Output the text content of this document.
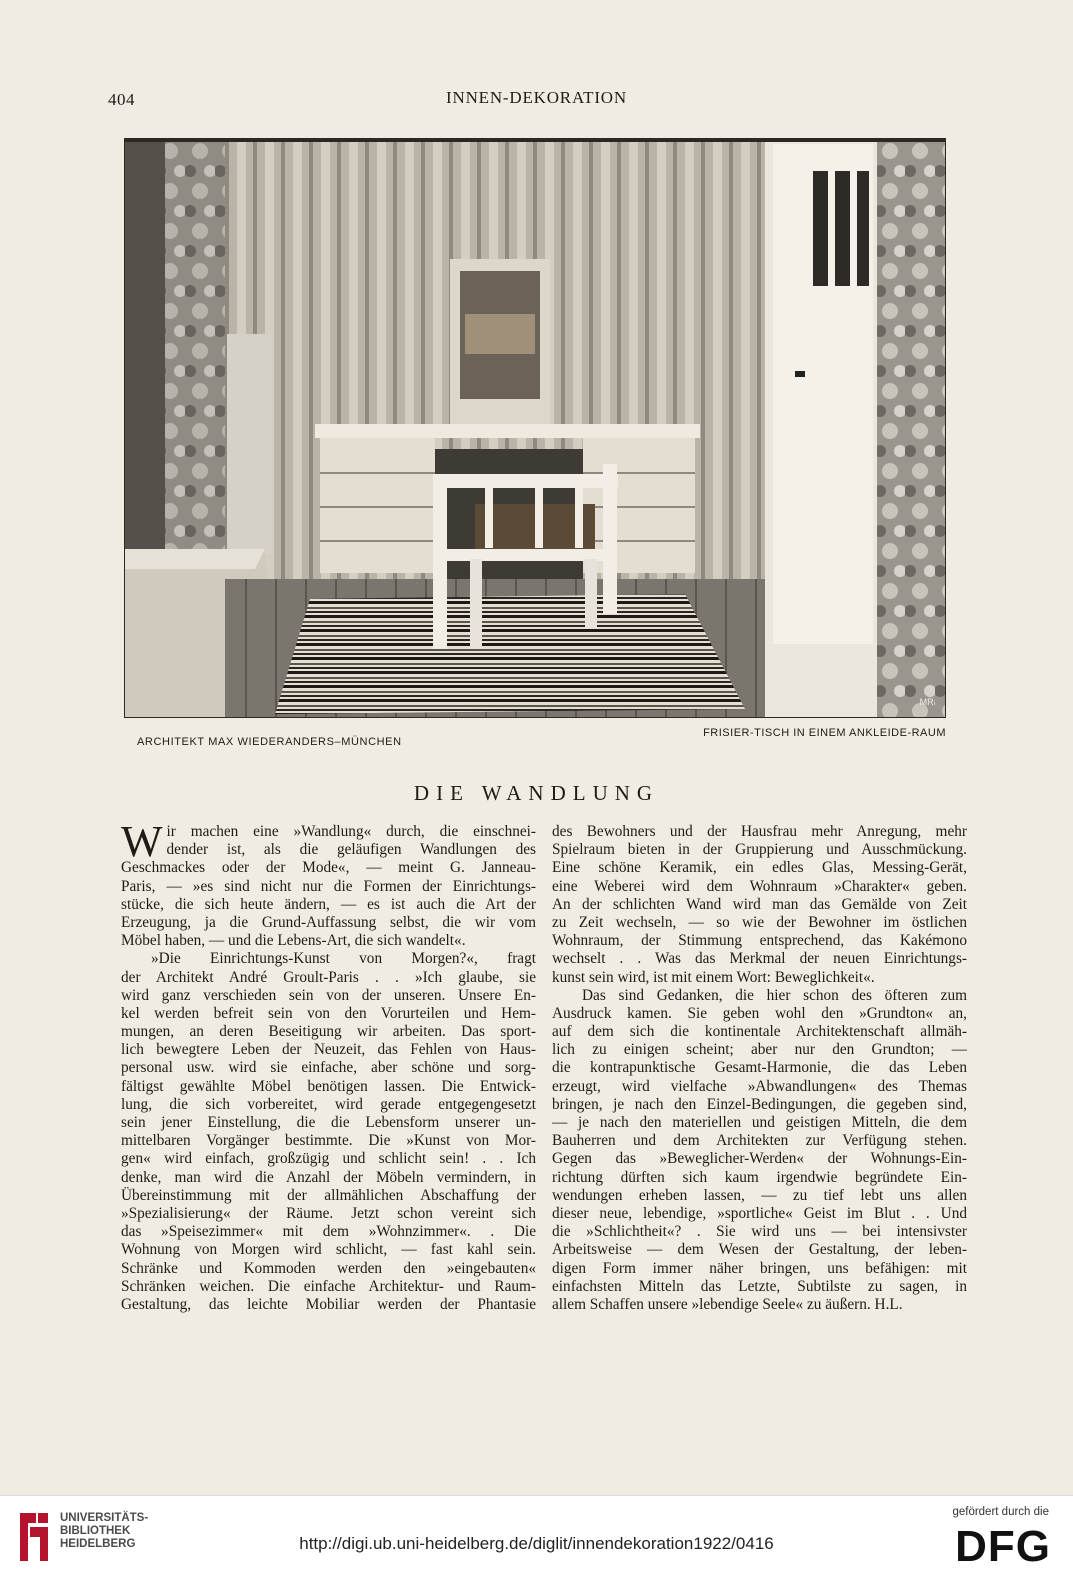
404	INNEN-DEKORATION
MRᵢ
ARCHITEKT MAX WIEDERANDERS–MÜNCHEN
FRISIER-TISCH IN EINEM ANKLEIDE-RAUM
DIE WANDLUNG
W ir machen eine »Wandlung« durch, die einschnei-
dender ist, als die geläufigen Wandlungen des
Geschmackes oder der Mode«, — meint G. Janneau-
Paris, — »es sind nicht nur die Formen der Einrichtungs-
stücke, die sich heute ändern, — es ist auch die Art der
Erzeugung, ja die Grund-Auffassung selbst, die wir vom
Möbel haben, — und die Lebens-Art, die sich wandelt«.
»Die Einrichtungs-Kunst von Morgen?«, fragt
der Architekt André Groult-Paris . . »Ich glaube, sie
wird ganz verschieden sein von der unseren. Unsere En-
kel werden befreit sein von den Vorurteilen und Hem-
mungen, an deren Beseitigung wir arbeiten. Das sport-
lich bewegtere Leben der Neuzeit, das Fehlen von Haus-
personal usw. wird sie einfache, aber schöne und sorg-
fältigst gewählte Möbel benötigen lassen. Die Entwick-
lung, die sich vorbereitet, wird gerade entgegengesetzt
sein jener Einstellung, die die Lebensform unserer un-
mittelbaren Vorgänger bestimmte. Die »Kunst von Mor-
gen« wird einfach, großzügig und schlicht sein! . . Ich
denke, man wird die Anzahl der Möbeln vermindern, in
Übereinstimmung mit der allmählichen Abschaffung der
»Spezialisierung« der Räume. Jetzt schon vereint sich
das »Speisezimmer« mit dem »Wohnzimmer«. . Die
Wohnung von Morgen wird schlicht, — fast kahl sein.
Schränke und Kommoden werden den »eingebauten«
Schränken weichen. Die einfache Architektur- und Raum-
Gestaltung, das leichte Mobiliar werden der Phantasie
des Bewohners und der Hausfrau mehr Anregung, mehr
Spielraum bieten in der Gruppierung und Ausschmückung.
Eine schöne Keramik, ein edles Glas, Messing-Gerät,
eine Weberei wird dem Wohnraum »Charakter« geben.
An der schlichten Wand wird man das Gemälde von Zeit
zu Zeit wechseln, — so wie der Bewohner im östlichen
Wohnraum, der Stimmung entsprechend, das Kakémono
wechselt . . Was das Merkmal der neuen Einrichtungs-
kunst sein wird, ist mit einem Wort: Beweglichkeit«.
Das sind Gedanken, die hier schon des öfteren zum
Ausdruck kamen. Sie geben wohl den »Grundton« an,
auf dem sich die kontinentale Architektenschaft allmäh-
lich zu einigen scheint; aber nur den Grundton; —
die kontrapunktische Gesamt-Harmonie, die das Leben
erzeugt, wird vielfache »Abwandlungen« des Themas
bringen, je nach den Einzel-Bedingungen, die gegeben sind,
— je nach den materiellen und geistigen Mitteln, die dem
Bauherren und dem Architekten zur Verfügung stehen.
Gegen das »Beweglicher-Werden« der Wohnungs-Ein-
richtung dürften sich kaum irgendwie begründete Ein-
wendungen erheben lassen, — zu tief lebt uns allen
dieser neue, lebendige, »sportliche« Geist im Blut . . Und
die »Schlichtheit«? . Sie wird uns — bei intensivster
Arbeitsweise — dem Wesen der Gestaltung, der leben-
digen Form immer näher bringen, uns befähigen: mit
einfachsten Mitteln das Letzte, Subtilste zu sagen, in
allem Schaffen unsere »lebendige Seele« zu äußern. H.L.
UNIVERSITÄTS-
BIBLIOTHEK
HEIDELBERG	http://digi.ub.uni-heidelberg.de/diglit/innendekoration1922/0416
gefördert durch die
DFG
